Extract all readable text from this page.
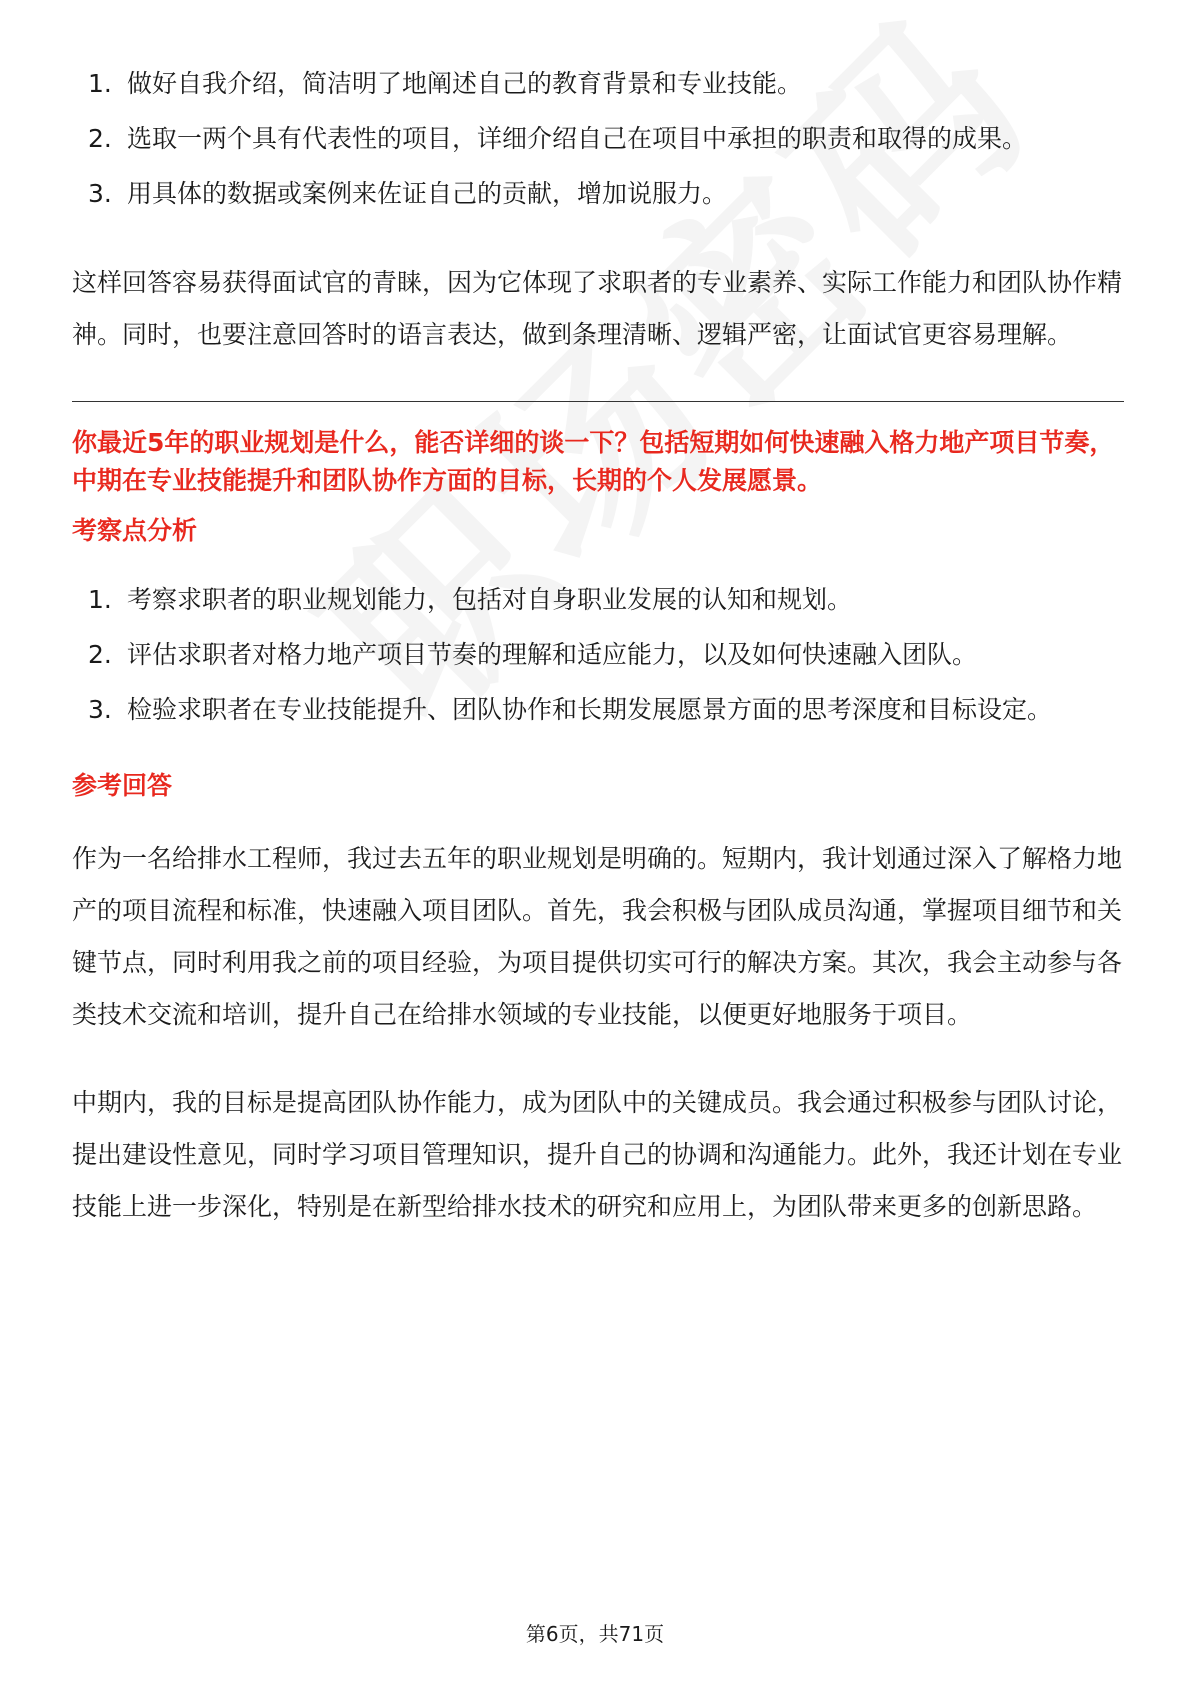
1. 做好自我介绍，简洁明了地阐述自己的教育背景和专业技能。
2. 选取一两个具有代表性的项目，详细介绍自己在项目中承担的职责和取得的成果。
3. 用具体的数据或案例来佐证自己的贡献，增加说服力。

这样回答容易获得面试官的青睐，因为它体现了求职者的专业素养、实际工作能力和团队协作精神。同时，也要注意回答时的语言表达，做到条理清晰、逻辑严密，让面试官更容易理解。

你最近5年的职业规划是什么，能否详细的谈一下？包括短期如何快速融入格力地产项目节奏，中期在专业技能提升和团队协作方面的目标，长期的个人发展愿景。

考察点分析

1. 考察求职者的职业规划能力，包括对自身职业发展的认知和规划。
2. 评估求职者对格力地产项目节奏的理解和适应能力，以及如何快速融入团队。
3. 检验求职者在专业技能提升、团队协作和长期发展愿景方面的思考深度和目标设定。

参考回答

作为一名给排水工程师，我过去五年的职业规划是明确的。短期内，我计划通过深入了解格力地产的项目流程和标准，快速融入项目团队。首先，我会积极与团队成员沟通，掌握项目细节和关键节点，同时利用我之前的项目经验，为项目提供切实可行的解决方案。其次，我会主动参与各类技术交流和培训，提升自己在给排水领域的专业技能，以便更好地服务于项目。

中期内，我的目标是提高团队协作能力，成为团队中的关键成员。我会通过积极参与团队讨论，提出建设性意见，同时学习项目管理知识，提升自己的协调和沟通能力。此外，我还计划在专业技能上进一步深化，特别是在新型给排水技术的研究和应用上，为团队带来更多的创新思路。

第6页，共71页
